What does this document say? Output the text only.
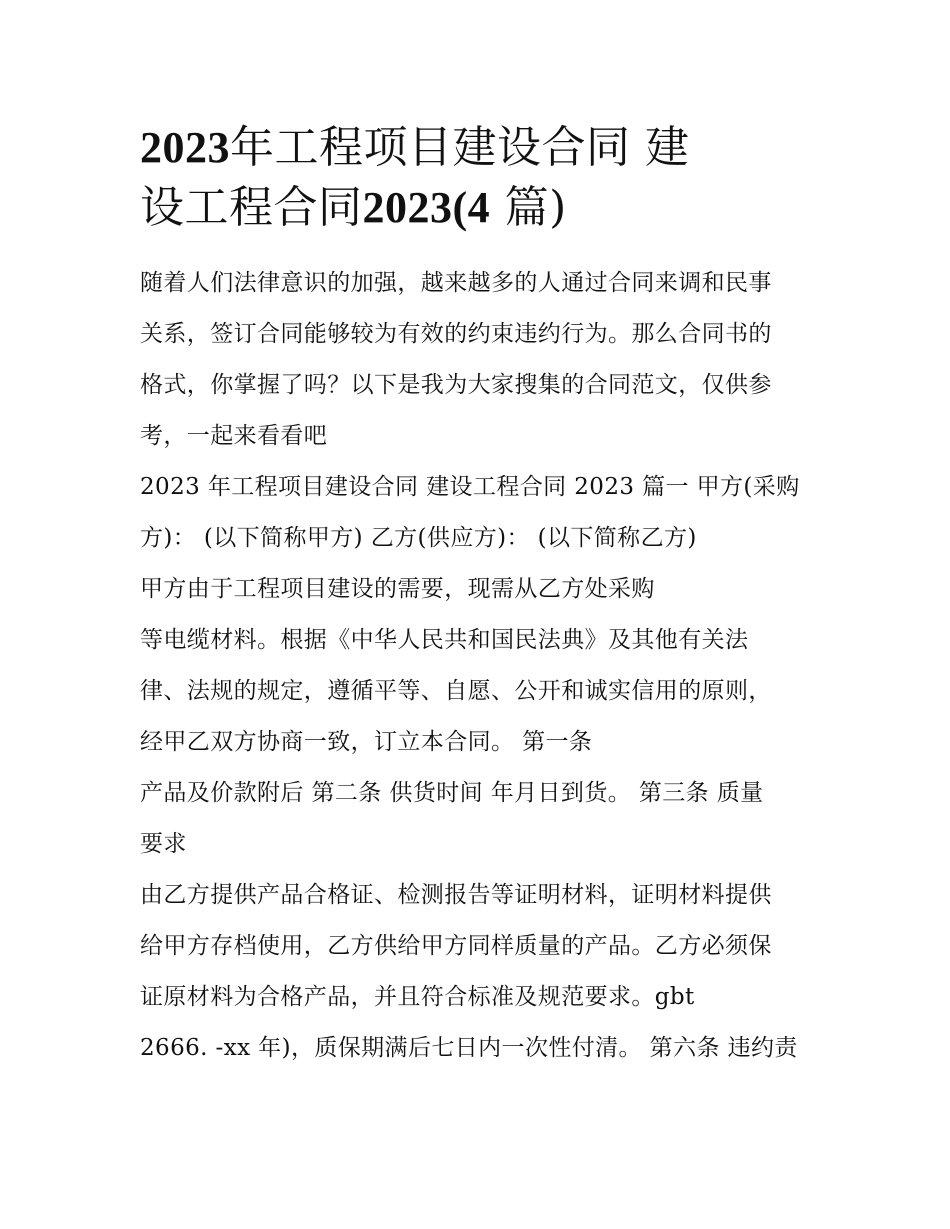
2023年工程项目建设合同 建
设工程合同2023(4 篇)

随着人们法律意识的加强，越来越多的人通过合同来调和民事

关系，签订合同能够较为有效的约束违约行为。那么合同书的

格式，你掌握了吗？以下是我为大家搜集的合同范文，仅供参

考，一起来看看吧

2023 年工程项目建设合同 建设工程合同 2023 篇一 甲方(采购

方)： (以下简称甲方) 乙方(供应方)： (以下简称乙方)

甲方由于工程项目建设的需要，现需从乙方处采购

等电缆材料。根据《中华人民共和国民法典》及其他有关法

律、法规的规定，遵循平等、自愿、公开和诚实信用的原则，

经甲乙双方协商一致，订立本合同。 第一条

产品及价款附后 第二条 供货时间 年月日到货。 第三条 质量

要求

由乙方提供产品合格证、检测报告等证明材料，证明材料提供

给甲方存档使用，乙方供给甲方同样质量的产品。乙方必须保

证原材料为合格产品，并且符合标准及规范要求。gbt

2666. -xx 年)，质保期满后七日内一次性付清。 第六条 违约责
